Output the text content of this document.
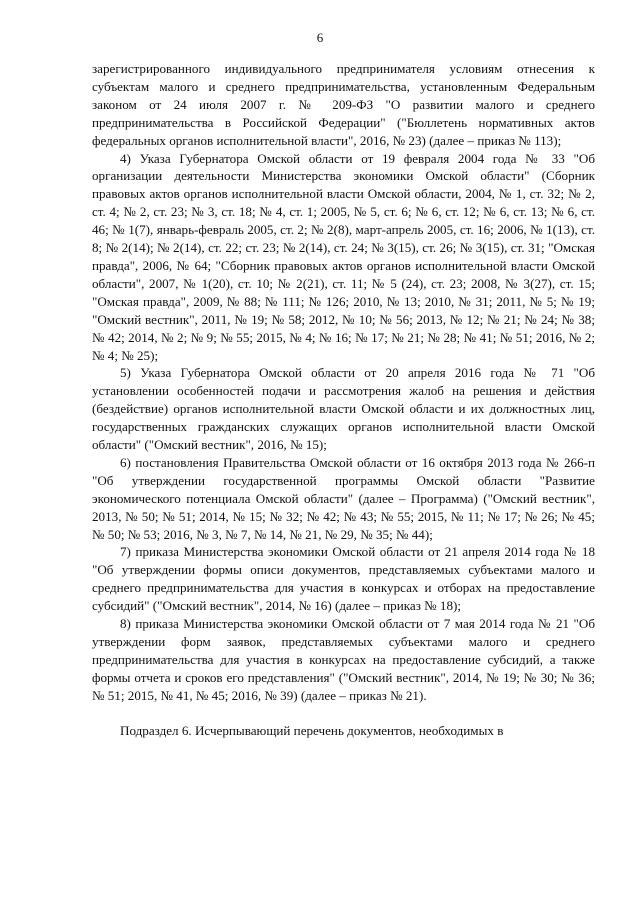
6

зарегистрированного индивидуального предпринимателя условиям отнесения к субъектам малого и среднего предпринимательства, установленным Федеральным законом от 24 июля 2007 г. № 209-ФЗ "О развитии малого и среднего предпринимательства в Российской Федерации" ("Бюллетень нормативных актов федеральных органов исполнительной власти", 2016, № 23) (далее – приказ № 113);

4) Указа Губернатора Омской области от 19 февраля 2004 года № 33 "Об организации деятельности Министерства экономики Омской области" (Сборник правовых актов органов исполнительной власти Омской области, 2004, № 1, ст. 32; № 2, ст. 4; № 2, ст. 23; № 3, ст. 18; № 4, ст. 1; 2005, № 5, ст. 6; № 6, ст. 12; № 6, ст. 13; № 6, ст. 46; № 1(7), январь-февраль 2005, ст. 2; № 2(8), март-апрель 2005, ст. 16; 2006, № 1(13), ст. 8; № 2(14); № 2(14), ст. 22; ст. 23; № 2(14), ст. 24; № 3(15), ст. 26; № 3(15), ст. 31; "Омская правда", 2006, № 64; "Сборник правовых актов органов исполнительной власти Омской области", 2007, № 1(20), ст. 10; № 2(21), ст. 11; № 5 (24), ст. 23; 2008, № 3(27), ст. 15; "Омская правда", 2009, № 88; № 111; № 126; 2010, № 13; 2010, № 31; 2011, № 5; № 19; "Омский вестник", 2011, № 19; № 58; 2012, № 10; № 56; 2013, № 12; № 21; № 24; № 38; № 42; 2014, № 2; № 9; № 55; 2015, № 4; № 16; № 17; № 21; № 28; № 41; № 51; 2016, № 2; № 4; № 25);

5) Указа Губернатора Омской области от 20 апреля 2016 года № 71 "Об установлении особенностей подачи и рассмотрения жалоб на решения и действия (бездействие) органов исполнительной власти Омской области и их должностных лиц, государственных гражданских служащих органов исполнительной власти Омской области" ("Омский вестник", 2016, № 15);

6) постановления Правительства Омской области от 16 октября 2013 года № 266-п "Об утверждении государственной программы Омской области "Развитие экономического потенциала Омской области" (далее – Программа) ("Омский вестник", 2013, № 50; № 51; 2014, № 15; № 32; № 42; № 43; № 55; 2015, № 11; № 17; № 26; № 45; № 50; № 53; 2016, № 3, № 7, № 14, № 21, № 29, № 35; № 44);

7) приказа Министерства экономики Омской области от 21 апреля 2014 года № 18 "Об утверждении формы описи документов, представляемых субъектами малого и среднего предпринимательства для участия в конкурсах и отборах на предоставление субсидий" ("Омский вестник", 2014, № 16) (далее – приказ № 18);

8) приказа Министерства экономики Омской области от 7 мая 2014 года № 21 "Об утверждении форм заявок, представляемых субъектами малого и среднего предпринимательства для участия в конкурсах на предоставление субсидий, а также формы отчета и сроков его представления" ("Омский вестник", 2014, № 19; № 30; № 36; № 51; 2015, № 41, № 45; 2016, № 39) (далее – приказ № 21).

Подраздел 6. Исчерпывающий перечень документов, необходимых в
